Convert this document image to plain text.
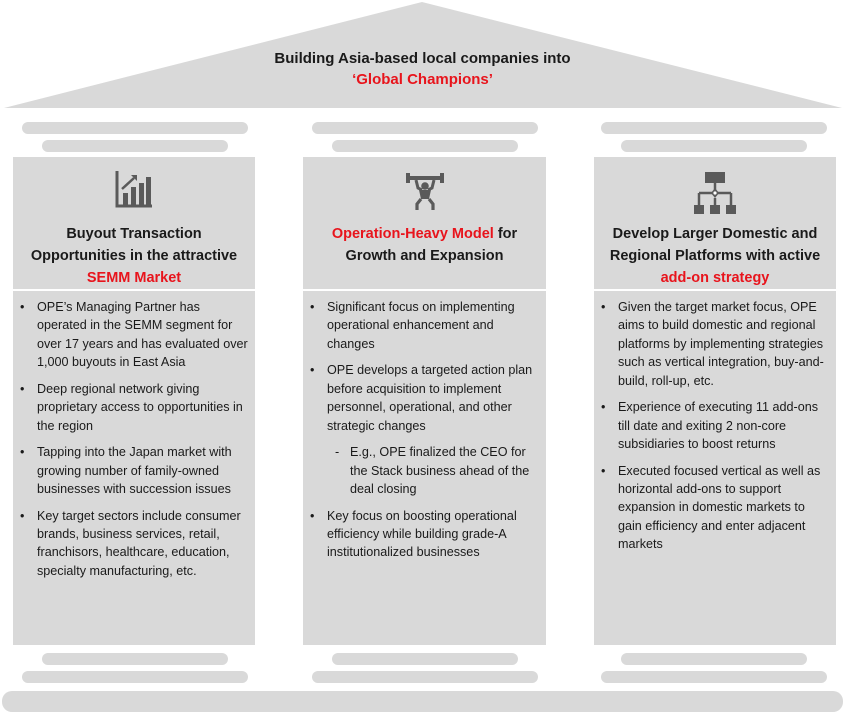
Building Asia-based local companies into
‘Global Champions’
Buyout Transaction Opportunities in the attractive SEMM Market
• OPE’s Managing Partner has operated in the SEMM segment for over 17 years and has evaluated over 1,000 buyouts in East Asia
• Deep regional network giving proprietary access to opportunities in the region
• Tapping into the Japan market with growing number of family-owned businesses with succession issues
• Key target sectors include consumer brands, business services, retail, franchisors, healthcare, education, specialty manufacturing, etc.
Operation-Heavy Model for Growth and Expansion
• Significant focus on implementing operational enhancement and changes
• OPE develops a targeted action plan before acquisition to implement personnel, operational, and other strategic changes
- E.g., OPE finalized the CEO for the Stack business ahead of the deal closing
• Key focus on boosting operational efficiency while building grade-A institutionalized businesses
Develop Larger Domestic and Regional Platforms with active add-on strategy
• Given the target market focus, OPE aims to build domestic and regional platforms by implementing strategies such as vertical integration, buy-and-build, roll-up, etc.
• Experience of executing 11 add-ons till date and exiting 2 non-core subsidiaries to boost returns
• Executed focused vertical as well as horizontal add-ons to support expansion in domestic markets to gain efficiency and enter adjacent markets
